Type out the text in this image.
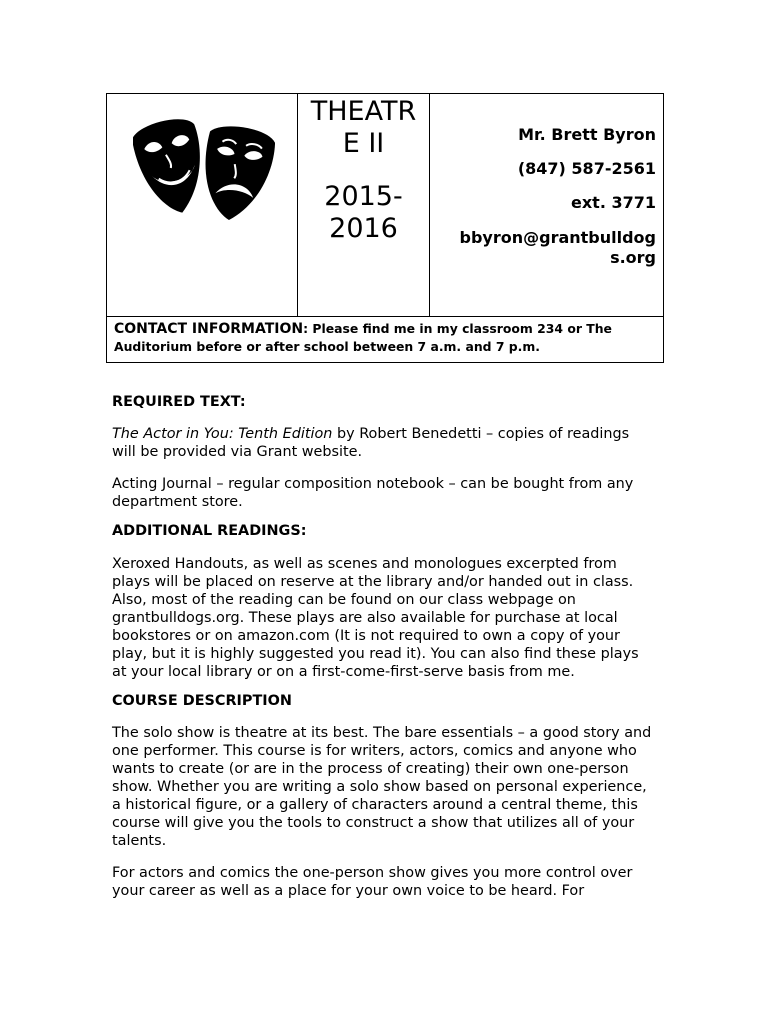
THEATR
E II
2015-
2016
Mr. Brett Byron
(847) 587-2561
ext. 3771
bbyron@grantbulldog
s.org
CONTACT INFORMATION: Please find me in my classroom 234 or The Auditorium before or after school between 7 a.m. and 7 p.m.
REQUIRED TEXT:
The Actor in You: Tenth Edition by Robert Benedetti – copies of readings will be provided via Grant website.
Acting Journal – regular composition notebook – can be bought from any department store.
ADDITIONAL READINGS:
Xeroxed Handouts, as well as scenes and monologues excerpted from plays will be placed on reserve at the library and/or handed out in class. Also, most of the reading can be found on our class webpage on grantbulldogs.org. These plays are also available for purchase at local bookstores or on amazon.com (It is not required to own a copy of your play, but it is highly suggested you read it). You can also find these plays at your local library or on a first-come-first-serve basis from me.
COURSE DESCRIPTION
The solo show is theatre at its best. The bare essentials – a good story and one performer. This course is for writers, actors, comics and anyone who wants to create (or are in the process of creating) their own one-person show. Whether you are writing a solo show based on personal experience, a historical figure, or a gallery of characters around a central theme, this course will give you the tools to construct a show that utilizes all of your talents.
For actors and comics the one-person show gives you more control over your career as well as a place for your own voice to be heard. For
